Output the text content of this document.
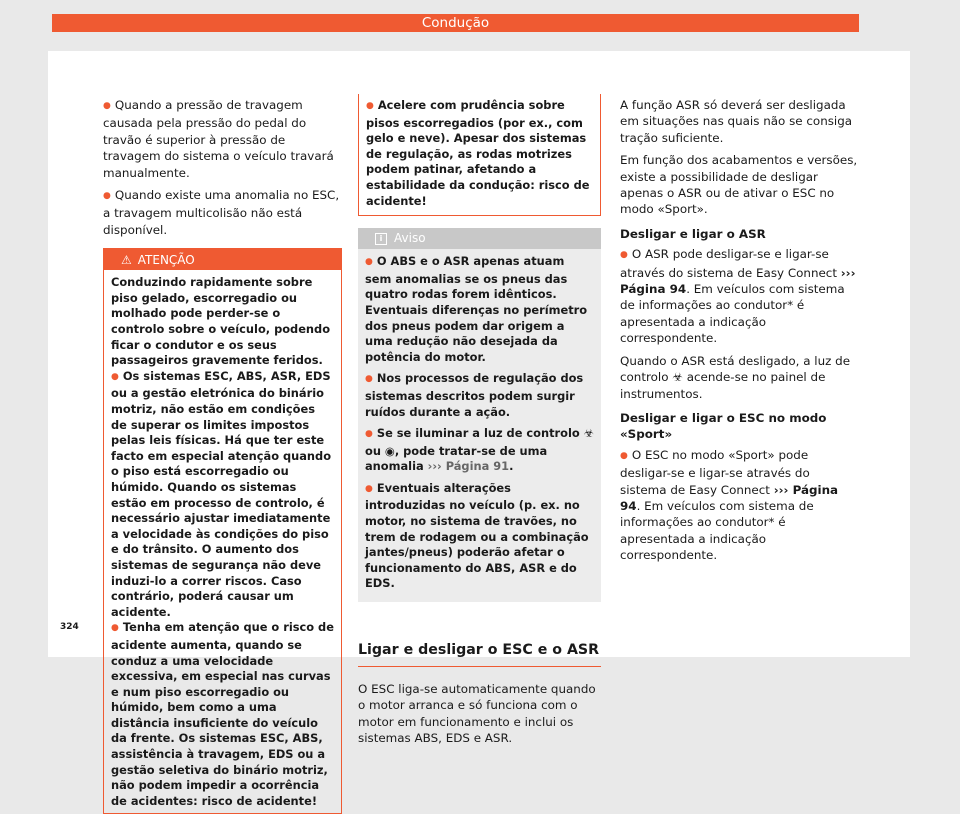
Condução

● Quando a pressão de travagem causada pela pressão do pedal do travão é superior à pressão de travagem do sistema o veículo travará manualmente.

● Quando existe uma anomalia no ESC, a travagem multicolisão não está disponível.

⚠ ATENÇÃO

Conduzindo rapidamente sobre piso gelado, escorregadio ou molhado pode perder-se o controlo sobre o veículo, podendo ficar o condutor e os seus passageiros gravemente feridos.

● Os sistemas ESC, ABS, ASR, EDS ou a gestão eletrónica do binário motriz, não estão em condições de superar os limites impostos pelas leis físicas. Há que ter este facto em especial atenção quando o piso está escorregadio ou húmido. Quando os sistemas estão em processo de controlo, é necessário ajustar imediatamente a velocidade às condições do piso e do trânsito. O aumento dos sistemas de segurança não deve induzi-lo a correr riscos. Caso contrário, poderá causar um acidente.

● Tenha em atenção que o risco de acidente aumenta, quando se conduz a uma velocidade excessiva, em especial nas curvas e num piso escorregadio ou húmido, bem como a uma distância insuficiente do veículo da frente. Os sistemas ESC, ABS, assistência à travagem, EDS ou a gestão seletiva do binário motriz, não podem impedir a ocorrência de acidentes: risco de acidente!

● Acelere com prudência sobre pisos escorregadios (por ex., com gelo e neve). Apesar dos sistemas de regulação, as rodas motrizes podem patinar, afetando a estabilidade da condução: risco de acidente!

i Aviso

● O ABS e o ASR apenas atuam sem anomalias se os pneus das quatro rodas forem idênticos. Eventuais diferenças no perímetro dos pneus podem dar origem a uma redução não desejada da potência do motor.

● Nos processos de regulação dos sistemas descritos podem surgir ruídos durante a ação.

● Se se iluminar a luz de controlo ☣ ou ◉, pode tratar-se de uma anomalia ››› Página 91.

● Eventuais alterações introduzidas no veículo (p. ex. no motor, no sistema de travões, no trem de rodagem ou a combinação jantes/pneus) poderão afetar o funcionamento do ABS, ASR e do EDS.

Ligar e desligar o ESC e o ASR

O ESC liga-se automaticamente quando o motor arranca e só funciona com o motor em funcionamento e inclui os sistemas ABS, EDS e ASR.

A função ASR só deverá ser desligada em situações nas quais não se consiga tração suficiente.

Em função dos acabamentos e versões, existe a possibilidade de desligar apenas o ASR ou de ativar o ESC no modo «Sport».

Desligar e ligar o ASR

● O ASR pode desligar-se e ligar-se através do sistema de Easy Connect ››› Página 94. Em veículos com sistema de informações ao condutor* é apresentada a indicação correspondente.

Quando o ASR está desligado, a luz de controlo ☣ acende-se no painel de instrumentos.

Desligar e ligar o ESC no modo «Sport»

● O ESC no modo «Sport» pode desligar-se e ligar-se através do sistema de Easy Connect ››› Página 94. Em veículos com sistema de informações ao condutor* é apresentada a indicação correspondente.

324
